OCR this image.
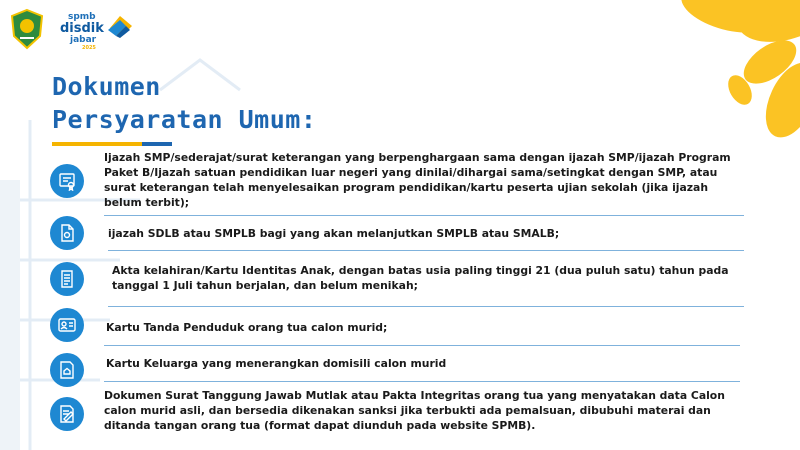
spmb
disdik
jabar
2025
Dokumen
Persyaratan Umum:

Ijazah SMP/sederajat/surat keterangan yang berpenghargaan sama dengan ijazah SMP/ijazah Program Paket B/Ijazah satuan pendidikan luar negeri yang dinilai/dihargai sama/setingkat dengan SMP, atau surat keterangan telah menyelesaikan program pendidikan/kartu peserta ujian sekolah (jika ijazah belum terbit);

ijazah SDLB atau SMPLB bagi yang akan melanjutkan SMPLB atau SMALB;

Akta kelahiran/Kartu Identitas Anak, dengan batas usia paling tinggi 21 (dua puluh satu) tahun pada tanggal 1 Juli tahun berjalan, dan belum menikah;

Kartu Tanda Penduduk orang tua calon murid;

Kartu Keluarga yang menerangkan domisili calon murid

Dokumen Surat Tanggung Jawab Mutlak atau Pakta Integritas orang tua yang menyatakan data Calon calon murid asli, dan bersedia dikenakan sanksi jika terbukti ada pemalsuan, dibubuhi materai dan ditanda tangan orang tua (format dapat diunduh pada website SPMB).
